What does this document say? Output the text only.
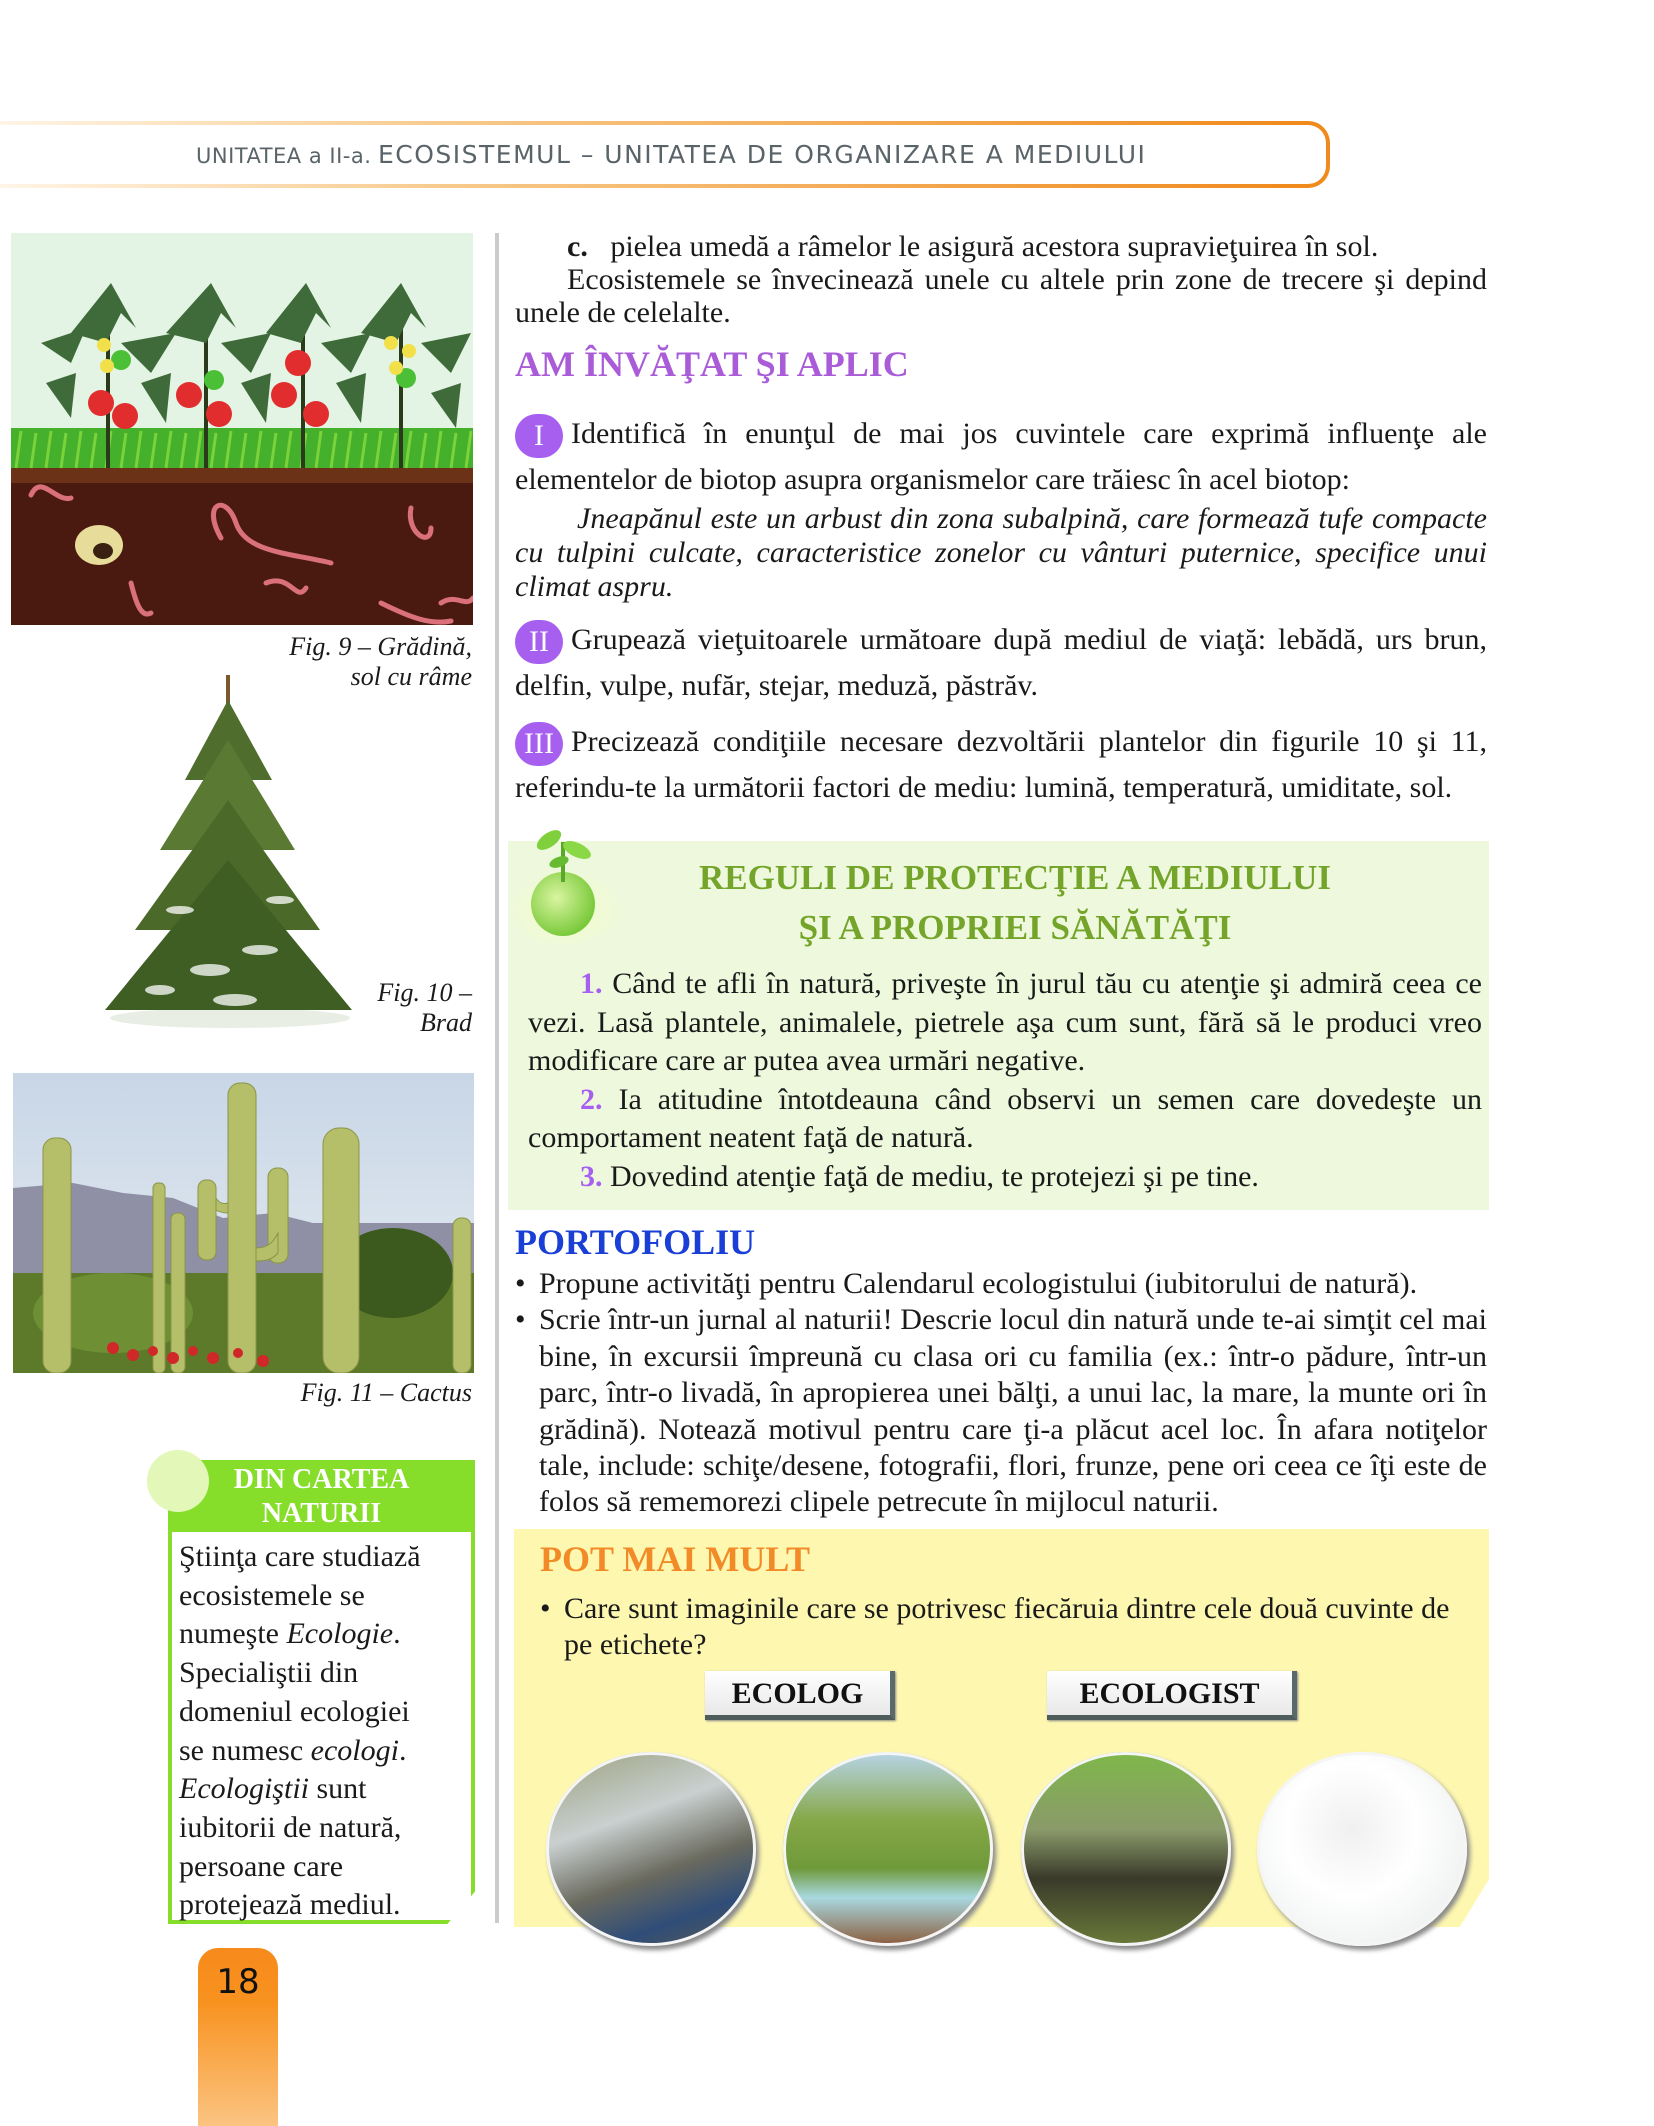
UNITATEA a II-a. ECOSISTEMUL – UNITATEA DE ORGANIZARE A MEDIULUI
Fig. 9 – Grădină,
sol cu râme
Fig. 10 –
Brad
Fig. 11 – Cactus
DIN CARTEA
NATURII
Ştiinţa care studiază
ecosistemele se
numeşte Ecologie.
Specialiştii din
domeniul ecologiei
se numesc ecologi.
Ecologiştii sunt
iubitorii de natură,
persoane care
protejează mediul.
18
c. pielea umedă a râmelor le asigură acestora supravieţuirea în sol.
Ecosistemele se învecinează unele cu altele prin zone de trecere şi depind unele de celelalte.
AM ÎNVĂŢAT ŞI APLIC
I Identifică în enunţul de mai jos cuvintele care exprimă influenţe ale elementelor de biotop asupra organismelor care trăiesc în acel biotop:
Jneapănul este un arbust din zona subalpină, care formează tufe compacte cu tulpini culcate, caracteristice zonelor cu vânturi puternice, specifice unui climat aspru.
II Grupează vieţuitoarele următoare după mediul de viaţă: lebădă, urs brun, delfin, vulpe, nufăr, stejar, meduză, păstrăv.
III Precizează condiţiile necesare dezvoltării plantelor din figurile 10 şi 11, referindu-te la următorii factori de mediu: lumină, temperatură, umiditate, sol.
REGULI DE PROTECŢIE A MEDIULUI
ŞI A PROPRIEI SĂNĂTĂŢI
1. Când te afli în natură, priveşte în jurul tău cu atenţie şi admiră ceea ce vezi. Lasă plantele, animalele, pietrele aşa cum sunt, fără să le produci vreo modificare care ar putea avea urmări negative.
2. Ia atitudine întotdeauna când observi un semen care dovedeşte un comportament neatent faţă de natură.
3. Dovedind atenţie faţă de mediu, te protejezi şi pe tine.
PORTOFOLIU
• Propune activităţi pentru Calendarul ecologistului (iubitorului de natură).
• Scrie într-un jurnal al naturii! Descrie locul din natură unde te-ai simţit cel mai bine, în excursii împreună cu clasa ori cu familia (ex.: într-o pădure, într-un parc, într-o livadă, în apropierea unei bălţi, a unui lac, la mare, la munte ori în grădină). Notează motivul pentru care ţi-a plăcut acel loc. În afara notiţelor tale, include: schiţe/desene, fotografii, flori, frunze, pene ori ceea ce îţi este de folos să rememorezi clipele petrecute în mijlocul naturii.
POT MAI MULT
• Care sunt imaginile care se potrivesc fiecăruia dintre cele două cuvinte de pe etichete?
ECOLOG	ECOLOGIST
